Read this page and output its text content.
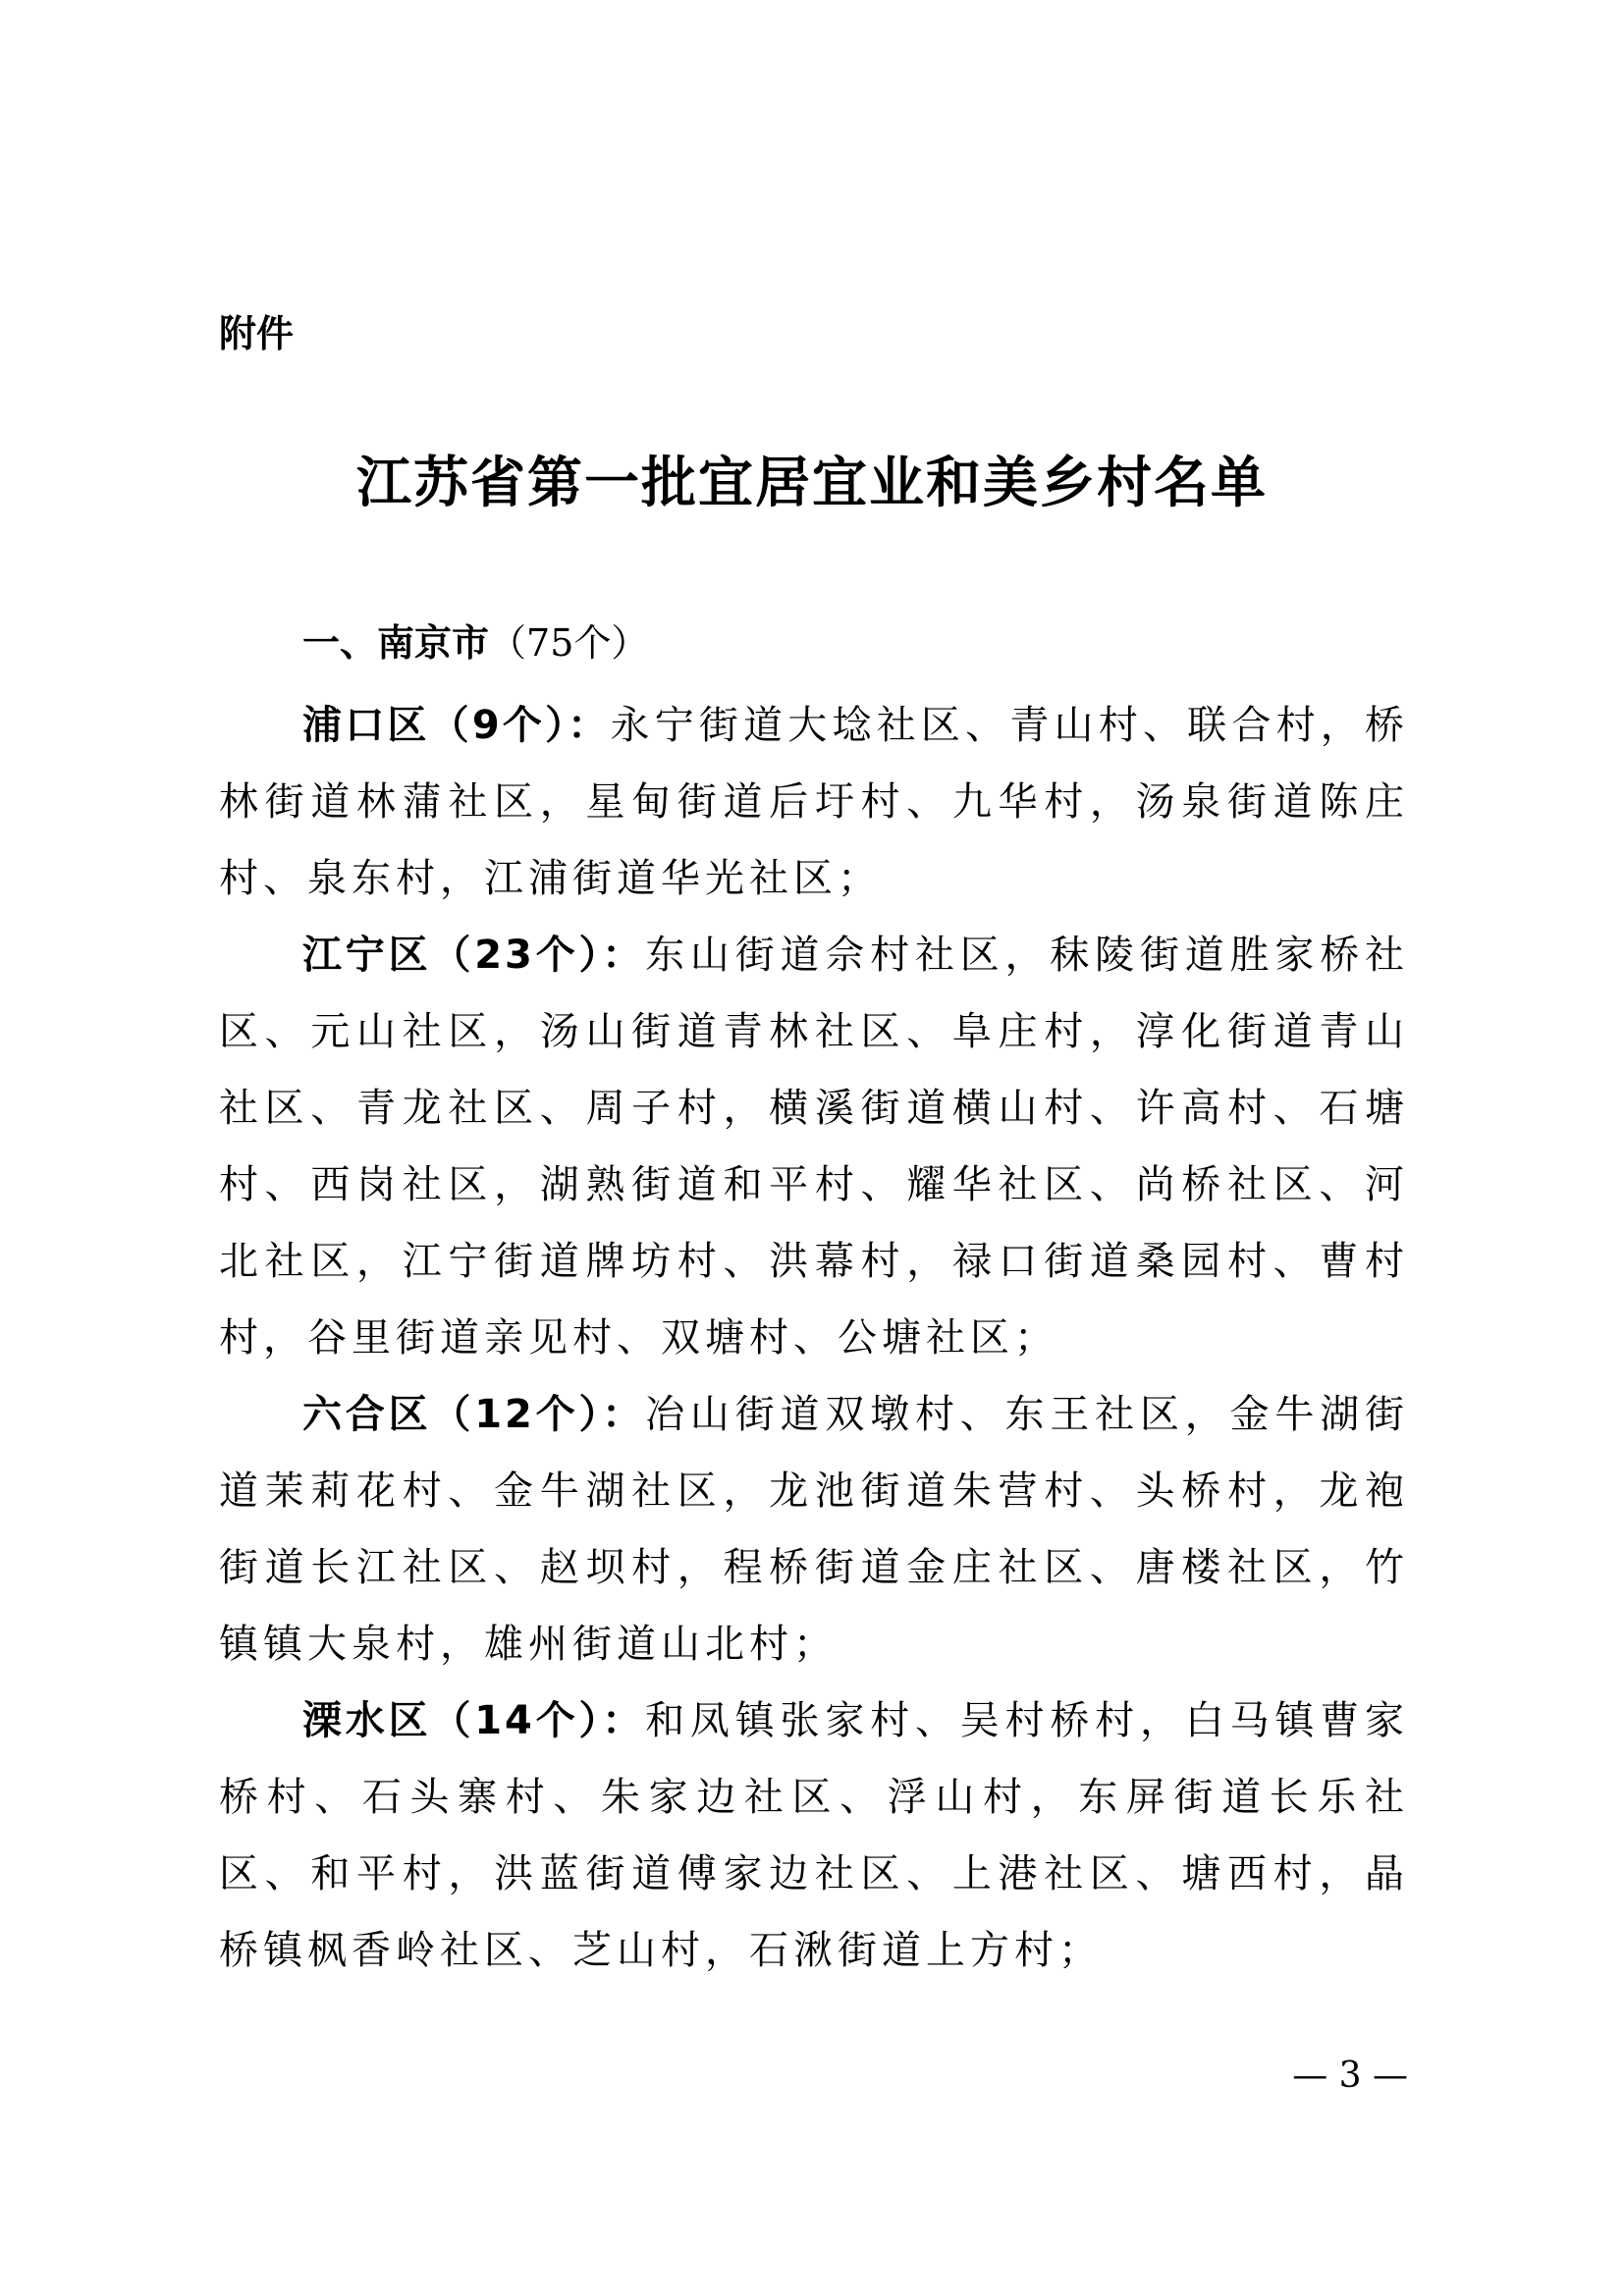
附件

江苏省第一批宜居宜业和美乡村名单

一、南京市（75个）

浦口区（9个）：永宁街道大埝社区、青山村、联合村，桥林街道林蒲社区，星甸街道后圩村、九华村，汤泉街道陈庄村、泉东村，江浦街道华光社区；

江宁区（23个）：东山街道佘村社区，秣陵街道胜家桥社区、元山社区，汤山街道青林社区、阜庄村，淳化街道青山社区、青龙社区、周子村，横溪街道横山村、许高村、石塘村、西岗社区，湖熟街道和平村、耀华社区、尚桥社区、河北社区，江宁街道牌坊村、洪幕村，禄口街道桑园村、曹村村，谷里街道亲见村、双塘村、公塘社区；

六合区（12个）：冶山街道双墩村、东王社区，金牛湖街道茉莉花村、金牛湖社区，龙池街道朱营村、头桥村，龙袍街道长江社区、赵坝村，程桥街道金庄社区、唐楼社区，竹镇镇大泉村，雄州街道山北村；

溧水区（14个）：和凤镇张家村、吴村桥村，白马镇曹家桥村、石头寨村、朱家边社区、浮山村，东屏街道长乐社区、和平村，洪蓝街道傅家边社区、上港社区、塘西村，晶桥镇枫香岭社区、芝山村，石湫街道上方村；

— 3 —
